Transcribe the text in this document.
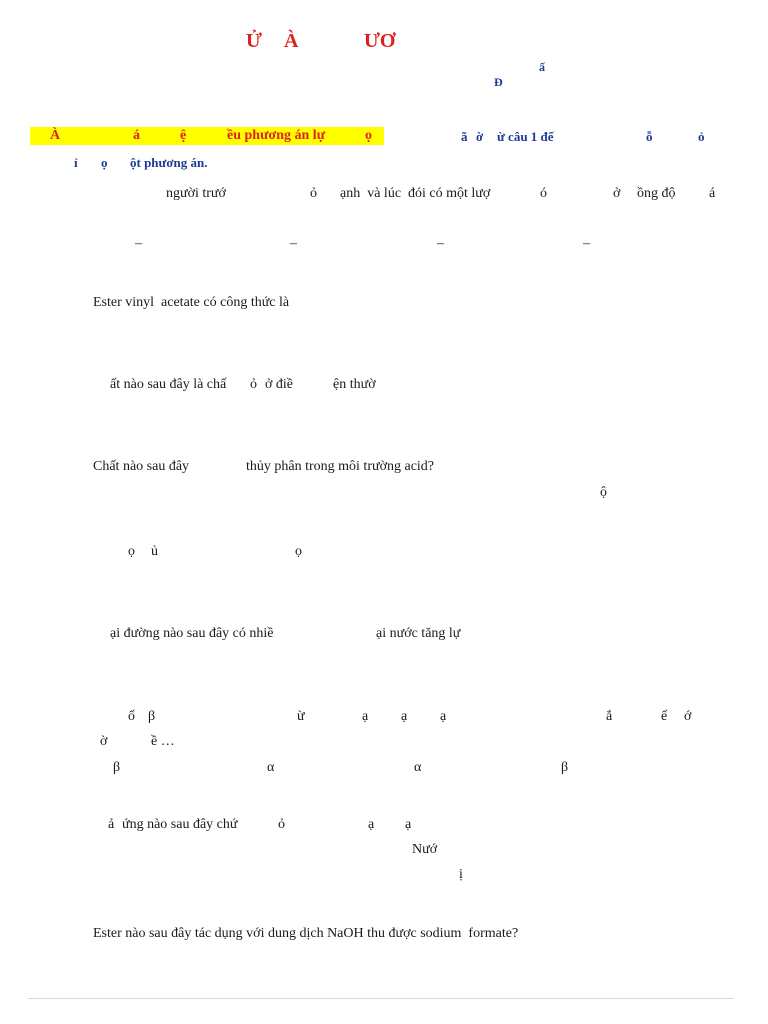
Ử À	ƯƠ
ấ
Đ
À	á	ệ	ều phương án lự	ọ	ã ờ ừ câu 1 đế	ỗ	ỏ
ỉ ọ ột phương án.
người trướ	ỏ ạnh  và lúc  đói có một lượ	ó	ở ồng độ á
–	–	–	–
Ester vinyl  acetate có công thức là
ất nào sau đây là chấ ỏ ở điề	ện thườ
Chất nào sau đây	thủy phân trong môi trường acid?
ộ
ọ ủ	ọ
ại đường nào sau đây có nhiề	ại nước tăng lự
ố β	ừ	ạ ạ ạ	ắ	ế ớ
ờ	ề …
β	α	α	β
ả ứng nào sau đây chứ	ỏ	ạ ạ
Nướ
ị
Ester nào sau đây tác dụng với dung dịch NaOH thu được sodium  formate?
